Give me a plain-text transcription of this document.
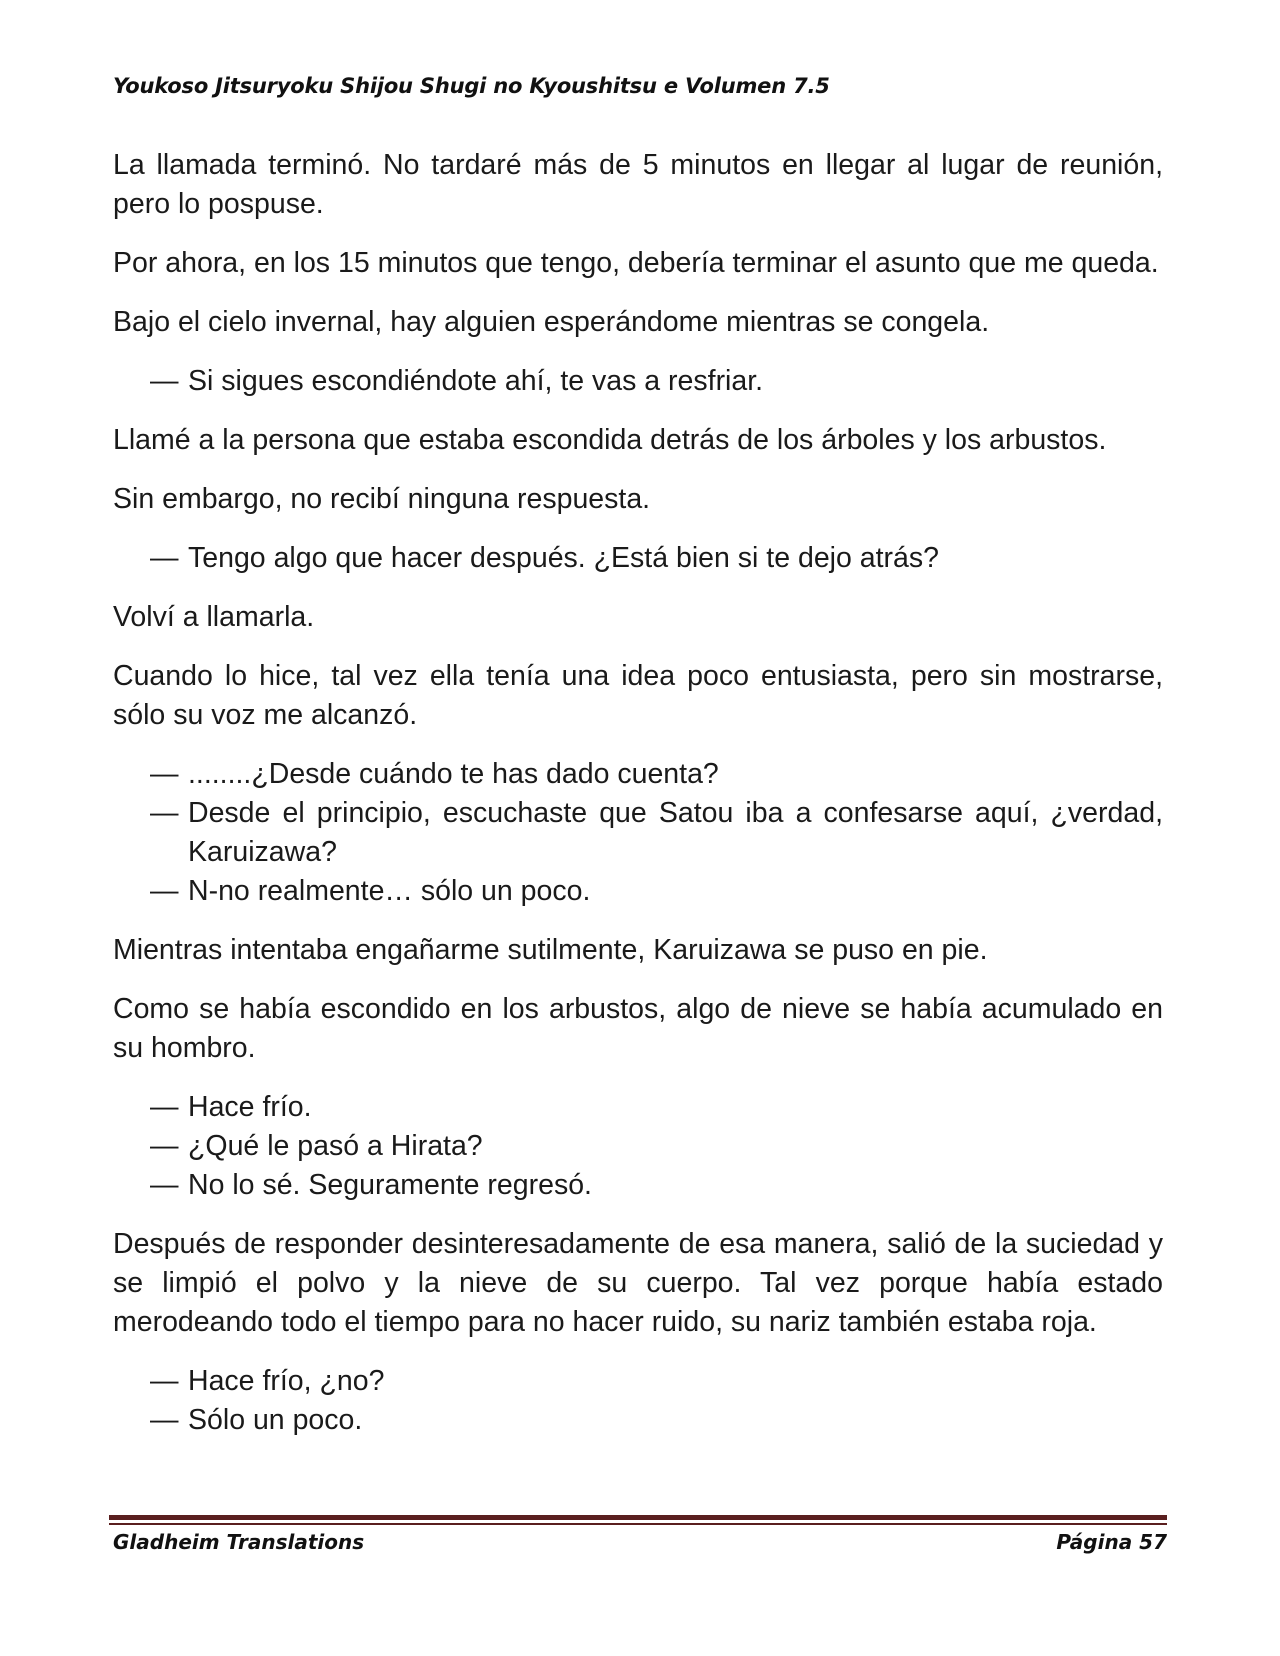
Youkoso Jitsuryoku Shijou Shugi no Kyoushitsu e Volumen 7.5

La llamada terminó. No tardaré más de 5 minutos en llegar al lugar de reunión, pero lo pospuse.

Por ahora, en los 15 minutos que tengo, debería terminar el asunto que me queda.

Bajo el cielo invernal, hay alguien esperándome mientras se congela.

— Si sigues escondiéndote ahí, te vas a resfriar.

Llamé a la persona que estaba escondida detrás de los árboles y los arbustos.

Sin embargo, no recibí ninguna respuesta.

— Tengo algo que hacer después. ¿Está bien si te dejo atrás?

Volví a llamarla.

Cuando lo hice, tal vez ella tenía una idea poco entusiasta, pero sin mostrarse, sólo su voz me alcanzó.

— ........¿Desde cuándo te has dado cuenta?
— Desde el principio, escuchaste que Satou iba a confesarse aquí, ¿verdad, Karuizawa?
— N-no realmente… sólo un poco.

Mientras intentaba engañarme sutilmente, Karuizawa se puso en pie.

Como se había escondido en los arbustos, algo de nieve se había acumulado en su hombro.

— Hace frío.
— ¿Qué le pasó a Hirata?
— No lo sé. Seguramente regresó.

Después de responder desinteresadamente de esa manera, salió de la suciedad y se limpió el polvo y la nieve de su cuerpo. Tal vez porque había estado merodeando todo el tiempo para no hacer ruido, su nariz también estaba roja.

— Hace frío, ¿no?
— Sólo un poco.
Gladheim Translations	Página 57
